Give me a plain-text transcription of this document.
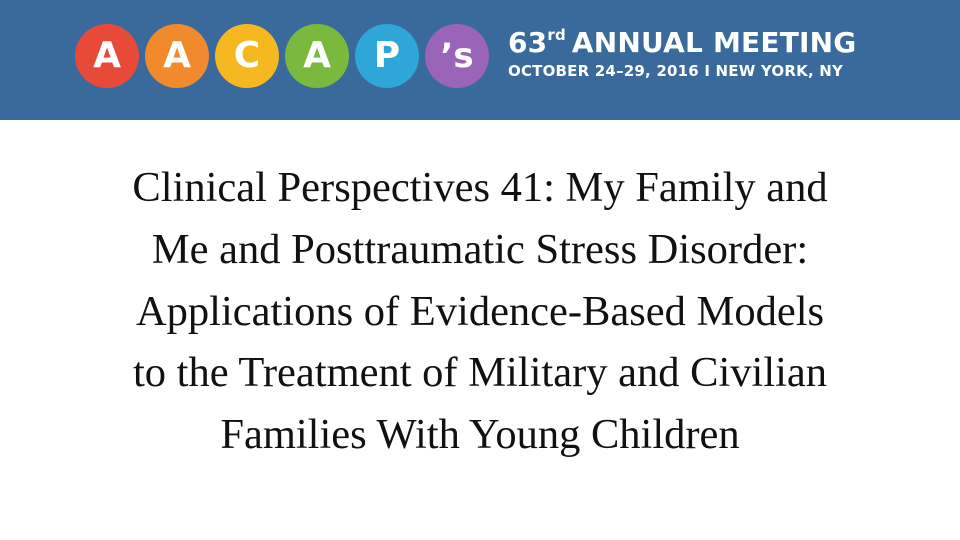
A	A	C	A	P	’s	63rd ANNUAL MEETING
OCTOBER 24–29, 2016 I NEW YORK, NY
Clinical Perspectives 41: My Family and
Me and Posttraumatic Stress Disorder:
Applications of Evidence-Based Models
to the Treatment of Military and Civilian
Families With Young Children
